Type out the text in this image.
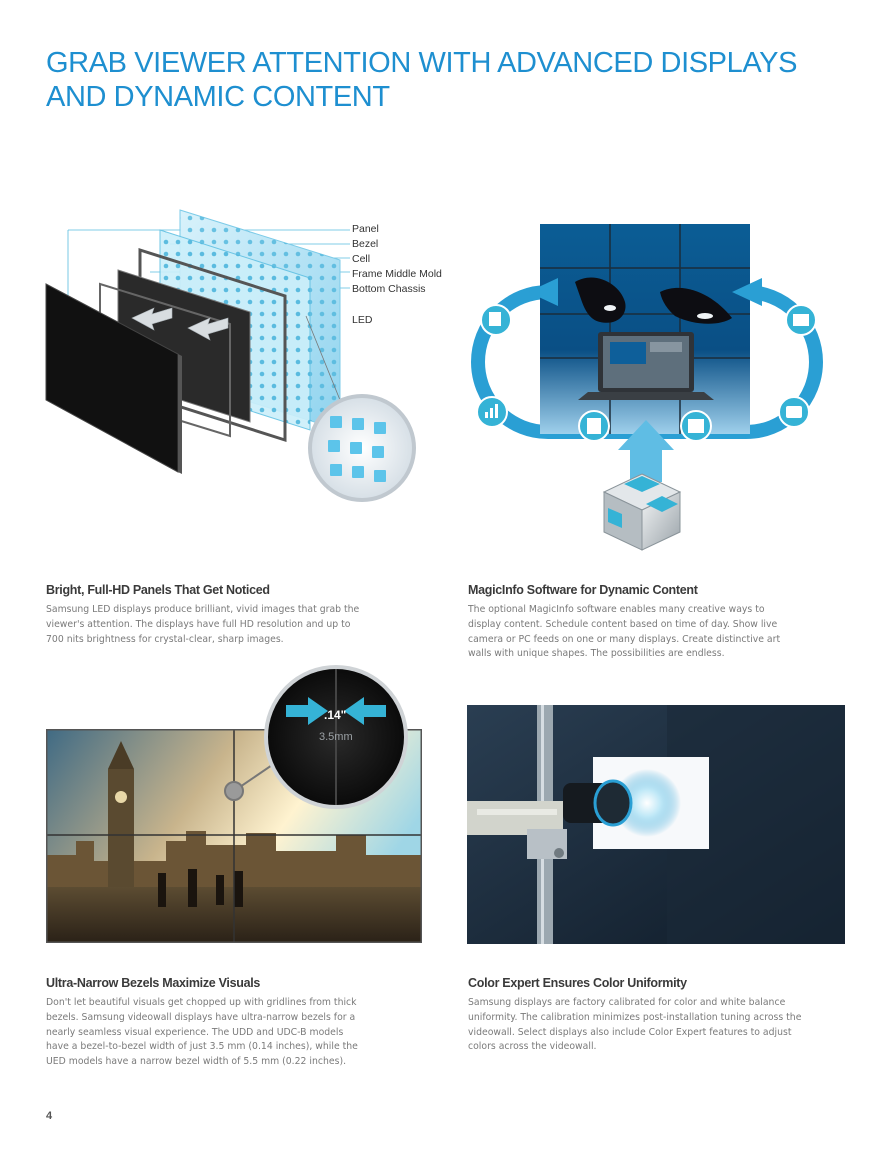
GRAB VIEWER ATTENTION WITH ADVANCED DISPLAYS
AND DYNAMIC CONTENT
Panel
Bezel
Cell
Frame Middle Mold
Bottom Chassis
LED
Bright, Full-HD Panels That Get Noticed

Samsung LED displays produce brilliant, vivid images that grab the
viewer's attention. The displays have full HD resolution and up to
700 nits brightness for crystal-clear, sharp images.

MagicInfo Software for Dynamic Content

The optional MagicInfo software enables many creative ways to
display content. Schedule content based on time of day. Show live
camera or PC feeds on one or many displays. Create distinctive art
walls with unique shapes. The possibilities are endless.

.14"
3.5mm
Ultra-Narrow Bezels Maximize Visuals

Don't let beautiful visuals get chopped up with gridlines from thick
bezels. Samsung videowall displays have ultra-narrow bezels for a
nearly seamless visual experience. The UDD and UDC-B models
have a bezel-to-bezel width of just 3.5 mm (0.14 inches), while the
UED models have a narrow bezel width of 5.5 mm (0.22 inches).

Color Expert Ensures Color Uniformity

Samsung displays are factory calibrated for color and white balance
uniformity. The calibration minimizes post-installation tuning across the
videowall. Select displays also include Color Expert features to adjust
colors across the videowall.

4
